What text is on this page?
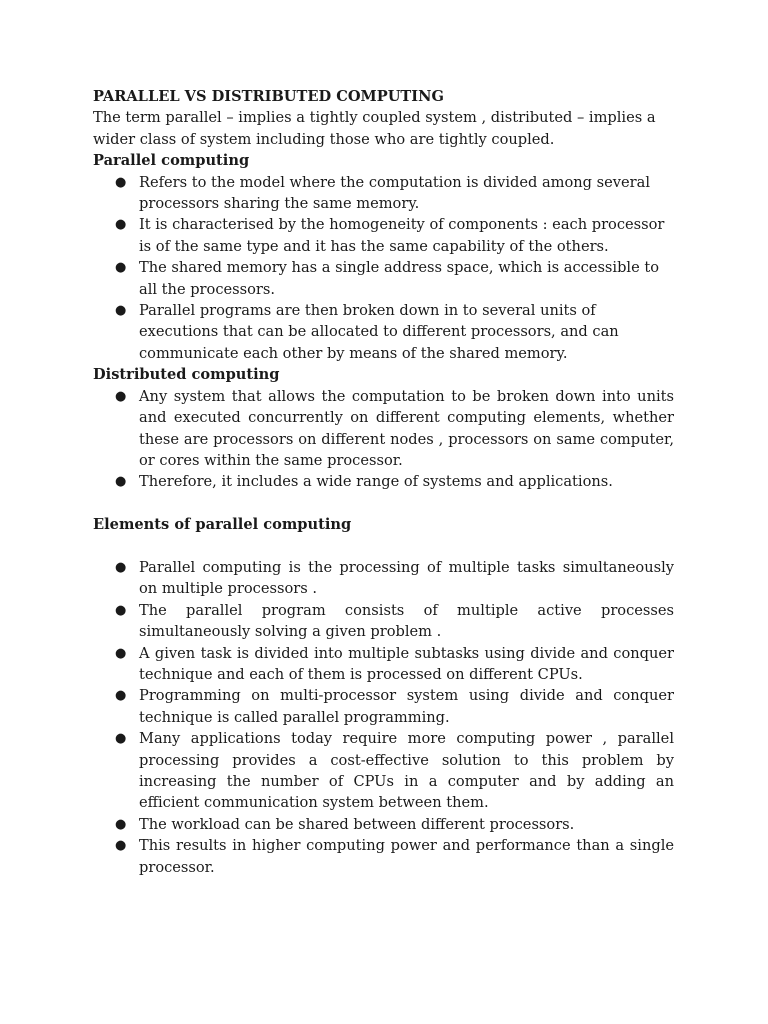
PARALLEL VS DISTRIBUTED COMPUTING

The term parallel – implies a tightly coupled system , distributed – implies a wider class of system including those who are tightly coupled.

Parallel computing

● Refers to the model where the computation is divided among several processors sharing the same memory.
● It is characterised by the homogeneity of components : each processor is of the same type and it has the same capability of the others.
● The shared memory has a single address space, which is accessible to all the processors.
● Parallel programs are then broken down in to several units of executions that can be allocated to different processors, and can communicate each other by means of the shared memory.

Distributed computing

● Any system that allows the computation to be broken down into units and executed concurrently on different computing elements, whether these are processors on different nodes , processors on same computer, or cores within the same processor.
● Therefore, it includes a wide range of systems and applications.

Elements of parallel computing

● Parallel computing is the processing of multiple tasks simultaneously on multiple processors .
● The parallel program consists of multiple active processes simultaneously solving a given problem .
● A given task is divided into multiple subtasks using divide and conquer technique and each of them is processed on different CPUs.
● Programming on multi-processor system using divide and conquer technique is called parallel programming.
● Many applications today require more computing power , parallel processing provides a cost-effective solution to this problem by increasing the number of CPUs in a computer and by adding an efficient communication system between them.
● The workload can be shared between different processors.
● This results in higher computing power and performance than a single processor.
